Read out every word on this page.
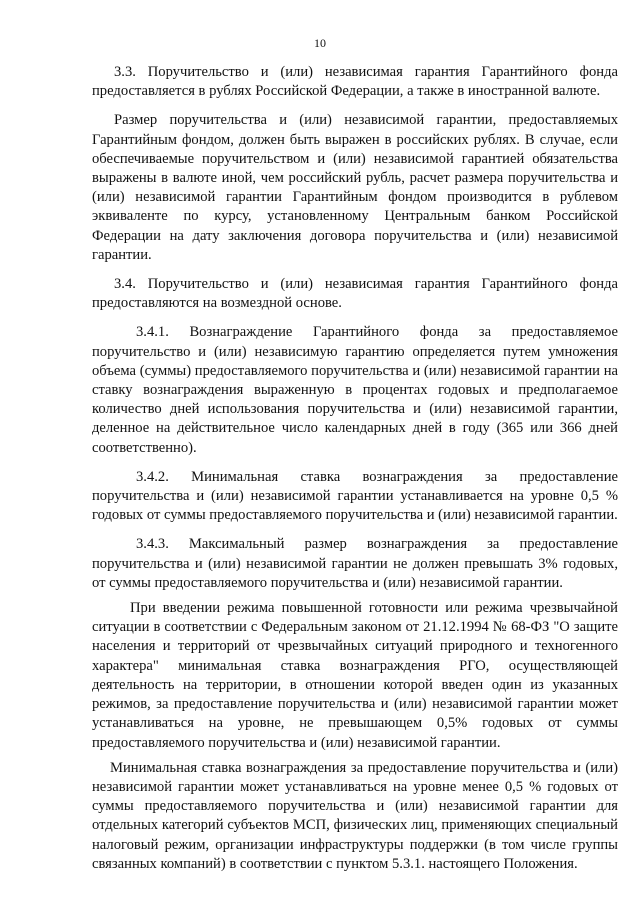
10

3.3. Поручительство и (или) независимая гарантия Гарантийного фонда предоставляется в рублях Российской Федерации, а также в иностранной валюте.

Размер поручительства и (или) независимой гарантии, предоставляемых Гарантийным фондом, должен быть выражен в российских рублях. В случае, если обеспечиваемые поручительством и (или) независимой гарантией обязательства выражены в валюте иной, чем российский рубль, расчет размера поручительства и (или) независимой гарантии Гарантийным фондом производится в рублевом эквиваленте по курсу, установленному Центральным банком Российской Федерации на дату заключения договора поручительства и (или) независимой гарантии.

3.4. Поручительство и (или) независимая гарантия Гарантийного фонда предоставляются на возмездной основе.

3.4.1. Вознаграждение Гарантийного фонда за предоставляемое поручительство и (или) независимую гарантию определяется путем умножения объема (суммы) предоставляемого поручительства и (или) независимой гарантии на ставку вознаграждения выраженную в процентах годовых и предполагаемое количество дней использования поручительства и (или) независимой гарантии, деленное на действительное число календарных дней в году (365 или 366 дней соответственно).

3.4.2. Минимальная ставка вознаграждения за предоставление поручительства и (или) независимой гарантии устанавливается на уровне 0,5 % годовых от суммы предоставляемого поручительства и (или) независимой гарантии.

3.4.3. Максимальный размер вознаграждения за предоставление поручительства и (или) независимой гарантии не должен превышать 3% годовых, от суммы предоставляемого поручительства и (или) независимой гарантии.

При введении режима повышенной готовности или режима чрезвычайной ситуации в соответствии с Федеральным законом от 21.12.1994 № 68-ФЗ "О защите населения и территорий от чрезвычайных ситуаций природного и техногенного характера" минимальная ставка вознаграждения РГО, осуществляющей деятельность на территории, в отношении которой введен один из указанных режимов, за предоставление поручительства и (или) независимой гарантии может устанавливаться на уровне, не превышающем 0,5% годовых от суммы предоставляемого поручительства и (или) независимой гарантии.

Минимальная ставка вознаграждения за предоставление поручительства и (или) независимой гарантии может устанавливаться на уровне менее 0,5 % годовых от суммы предоставляемого поручительства и (или) независимой гарантии для отдельных категорий субъектов МСП, физических лиц, применяющих специальный налоговый режим, организации инфраструктуры поддержки (в том числе группы связанных компаний) в соответствии с пунктом 5.3.1. настоящего Положения.
